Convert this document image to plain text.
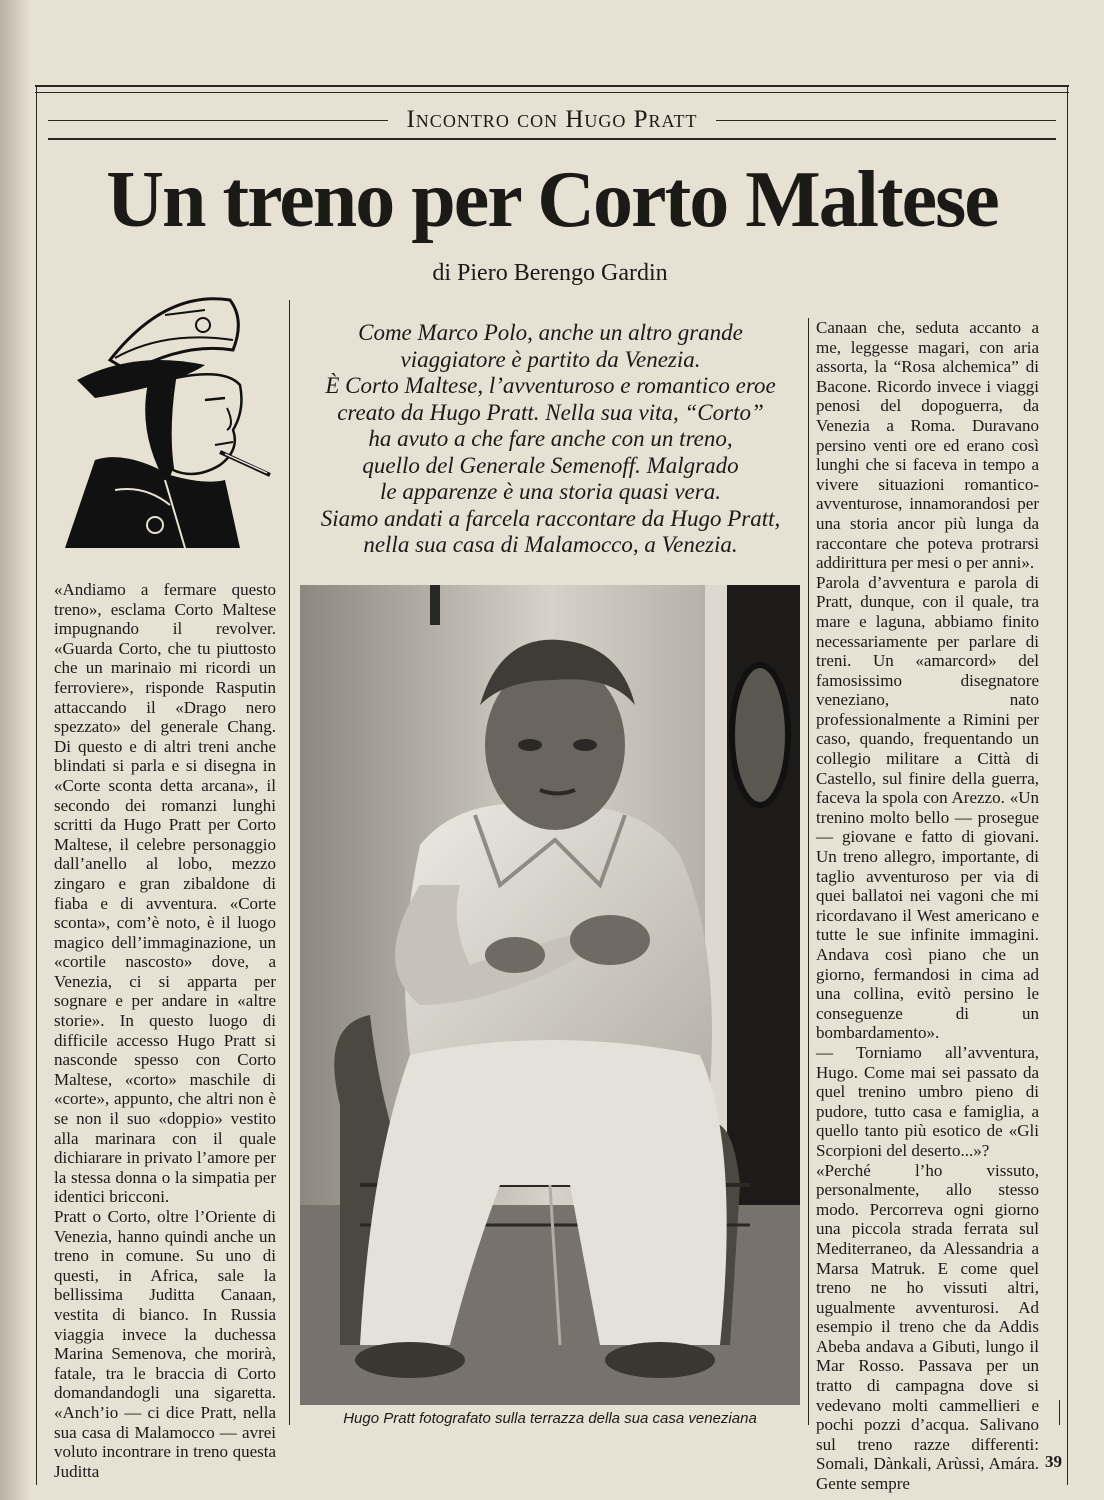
Incontro con Hugo Pratt
Un treno per Corto Maltese
di Piero Berengo Gardin

Come Marco Polo, anche un altro grande

viaggiatore è partito da Venezia.

È Corto Maltese, l’avventuroso e romantico eroe

creato da Hugo Pratt. Nella sua vita, “Corto”

ha avuto a che fare anche con un treno,

quello del Generale Semenoff. Malgrado

le apparenze è una storia quasi vera.

Siamo andati a farcela raccontare da Hugo Pratt,

nella sua casa di Malamocco, a Venezia.

«Andiamo a fermare questo treno», esclama Corto Maltese impugnando il revolver. «Guarda Corto, che tu piuttosto che un marinaio mi ricordi un ferroviere», risponde Rasputin attaccando il «Drago nero spezzato» del generale Chang. Di questo e di altri treni anche blindati si parla e si disegna in «Corte sconta detta arcana», il secondo dei romanzi lunghi scritti da Hugo Pratt per Corto Maltese, il celebre personaggio dall’anello al lobo, mezzo zingaro e gran zibaldone di fiaba e di avventura. «Corte sconta», com’è noto, è il luogo magico dell’immaginazione, un «cortile nascosto» dove, a Venezia, ci si apparta per sognare e per andare in «altre storie». In questo luogo di difficile accesso Hugo Pratt si nasconde spesso con Corto Maltese, «corto» maschile di «corte», appunto, che altri non è se non il suo «doppio» vestito alla marinara con il quale dichiarare in privato l’amore per la stessa donna o la simpatia per identici bricconi.

Pratt o Corto, oltre l’Oriente di Venezia, hanno quindi anche un treno in comune. Su uno di questi, in Africa, sale la bellissima Juditta Canaan, vestita di bianco. In Russia viaggia invece la duchessa Marina Semenova, che morirà, fatale, tra le braccia di Corto domandandogli una sigaretta. «Anch’io — ci dice Pratt, nella sua casa di Malamocco — avrei voluto incontrare in treno questa Juditta

Hugo Pratt fotografato sulla terrazza della sua casa veneziana

Canaan che, seduta accanto a me, leggesse magari, con aria assorta, la “Rosa alchemica” di Bacone. Ricordo invece i viaggi penosi del dopoguerra, da Venezia a Roma. Duravano persino venti ore ed erano così lunghi che si faceva in tempo a vivere situazioni romantico-avventurose, innamorandosi per una storia ancor più lunga da raccontare che poteva protrarsi addirittura per mesi o per anni».

Parola d’avventura e parola di Pratt, dunque, con il quale, tra mare e laguna, abbiamo finito necessariamente per parlare di treni. Un «amarcord» del famosissimo disegnatore veneziano, nato professionalmente a Rimini per caso, quando, frequentando un collegio militare a Città di Castello, sul finire della guerra, faceva la spola con Arezzo. «Un trenino molto bello — prosegue — giovane e fatto di giovani. Un treno allegro, importante, di taglio avventuroso per via di quei ballatoi nei vagoni che mi ricordavano il West americano e tutte le sue infinite immagini. Andava così piano che un giorno, fermandosi in cima ad una collina, evitò persino le conseguenze di un bombardamento».

— Torniamo all’avventura, Hugo. Come mai sei passato da quel trenino umbro pieno di pudore, tutto casa e famiglia, a quello tanto più esotico de «Gli Scorpioni del deserto...»?

«Perché l’ho vissuto, personalmente, allo stesso modo. Percorreva ogni giorno una piccola strada ferrata sul Mediterraneo, da Alessandria a Marsa Matruk. E come quel treno ne ho vissuti altri, ugualmente avventurosi. Ad esempio il treno che da Addis Abeba andava a Gibuti, lungo il Mar Rosso. Passava per un tratto di campagna dove si vedevano molti cammellieri e pochi pozzi d’acqua. Salivano sul treno razze differenti: Somali, Dànkali, Arùssi, Amára. Gente sempre

39
